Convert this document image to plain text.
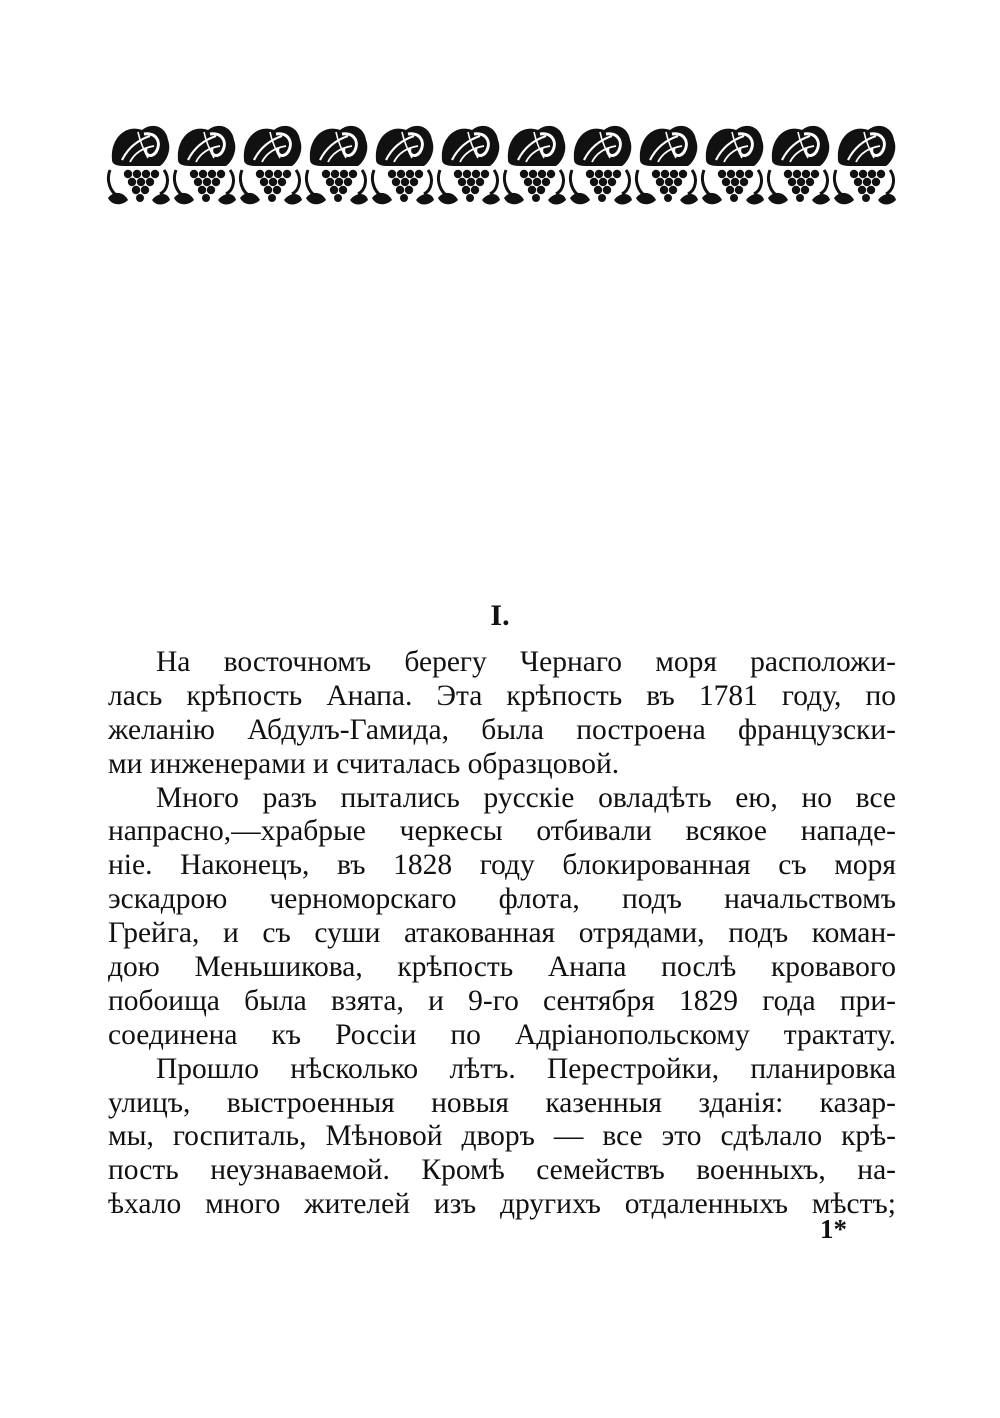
I.
На восточномъ берегу Чернаго моря расположи-
лась крѣпость Анапа. Эта крѣпость въ 1781 году, по
желанію Абдулъ-Гамида, была построена французски-
ми инженерами и считалась образцовой.
Много разъ пытались русскіе овладѣть ею, но все
напрасно,—храбрые черкесы отбивали всякое нападе-
ніе. Наконецъ, въ 1828 году блокированная съ моря
эскадрою черноморскаго флота, подъ начальствомъ
Грейга, и съ суши атакованная отрядами, подъ коман-
дою Меньшикова, крѣпость Анапа послѣ кровавого
побоища была взята, и 9-го сентября 1829 года при-
соединена къ Россіи по Адріанопольскому трактату.
Прошло нѣсколько лѣтъ. Перестройки, планировка
улицъ, выстроенныя новыя казенныя зданія: казар-
мы, госпиталь, Мѣновой дворъ — все это сдѣлало крѣ-
пость неузнаваемой. Кромѣ семействъ военныхъ, на-
ѣхало много жителей изъ другихъ отдаленныхъ мѣстъ;
1*
